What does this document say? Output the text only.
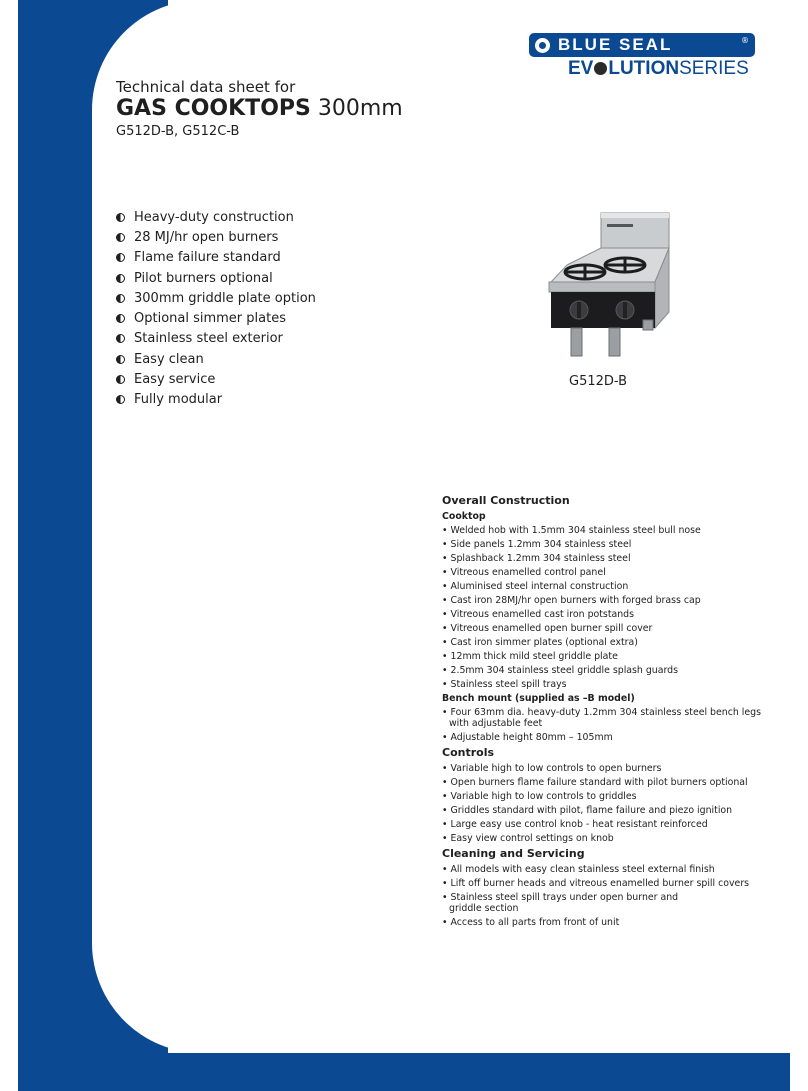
BLUE SEAL	®
EV LUTIONSERIES
Technical data sheet for
GAS COOKTOPS 300mm
G512D-B, G512C-B
Heavy-duty construction
28 MJ/hr open burners
Flame failure standard
Pilot burners optional
300mm griddle plate option
Optional simmer plates
Stainless steel exterior
Easy clean
Easy service
Fully modular
G512D-B
Overall Construction
Cooktop
• Welded hob with 1.5mm 304 stainless steel bull nose
• Side panels 1.2mm 304 stainless steel
• Splashback 1.2mm 304 stainless steel
• Vitreous enamelled control panel
• Aluminised steel internal construction
• Cast iron 28MJ/hr open burners with forged brass cap
• Vitreous enamelled cast iron potstands
• Vitreous enamelled open burner spill cover
• Cast iron simmer plates (optional extra)
• 12mm thick mild steel griddle plate
• 2.5mm 304 stainless steel griddle splash guards
• Stainless steel spill trays
Bench mount (supplied as –B model)
• Four 63mm dia. heavy-duty 1.2mm 304 stainless steel bench legs
with adjustable feet
• Adjustable height 80mm – 105mm
Controls
• Variable high to low controls to open burners
• Open burners flame failure standard with pilot burners optional
• Variable high to low controls to griddles
• Griddles standard with pilot, flame failure and piezo ignition
• Large easy use control knob - heat resistant reinforced
• Easy view control settings on knob
Cleaning and Servicing
• All models with easy clean stainless steel external finish
• Lift off burner heads and vitreous enamelled burner spill covers
• Stainless steel spill trays under open burner and
griddle section
• Access to all parts from front of unit
